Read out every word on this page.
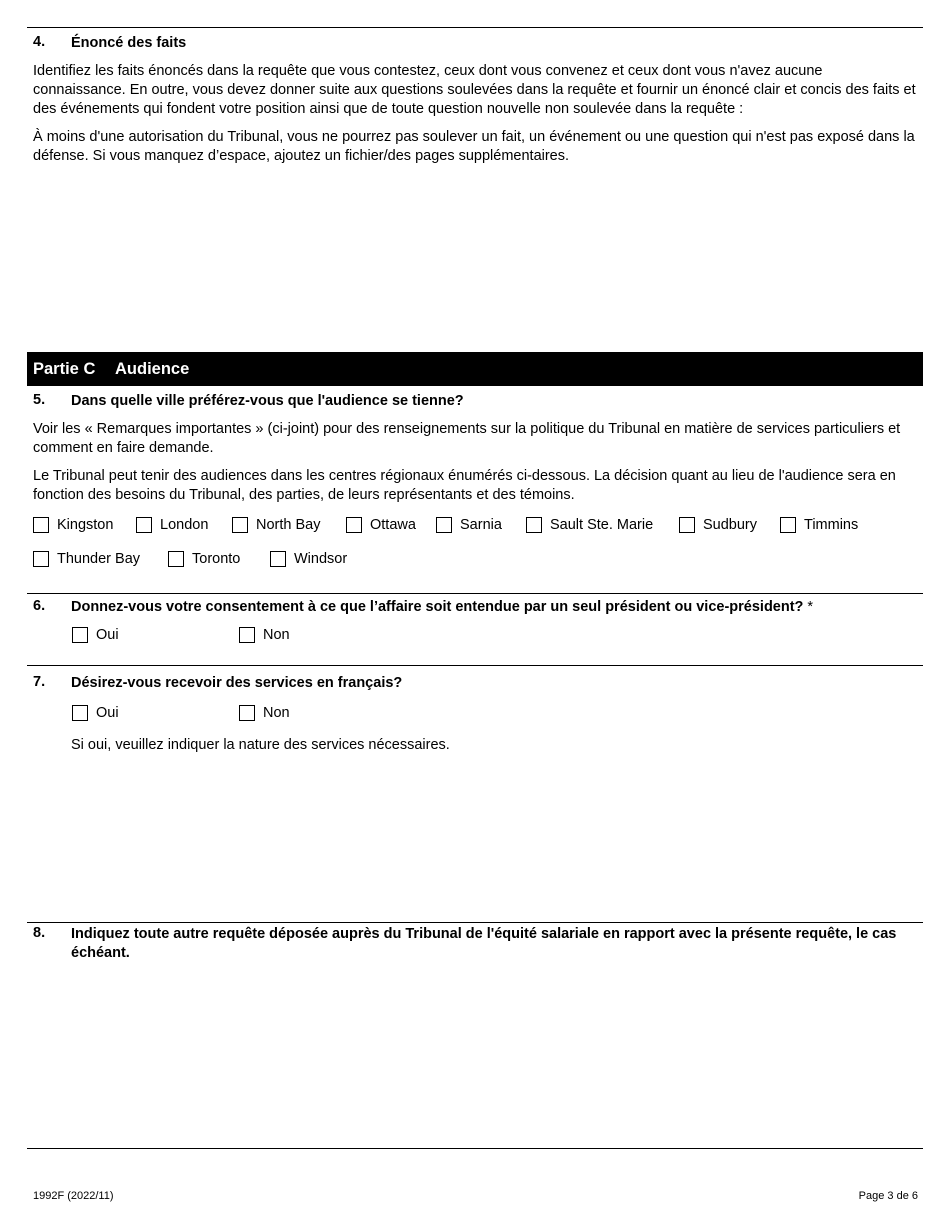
4. Énoncé des faits
Identifiez les faits énoncés dans la requête que vous contestez, ceux dont vous convenez et ceux dont vous n'avez aucune connaissance. En outre, vous devez donner suite aux questions soulevées dans la requête et fournir un énoncé clair et concis des faits et des événements qui fondent votre position ainsi que de toute question nouvelle non soulevée dans la requête :
À moins d'une autorisation du Tribunal, vous ne pourrez pas soulever un fait, un événement ou une question qui n'est pas exposé dans la défense. Si vous manquez d’espace, ajoutez un fichier/des pages supplémentaires.
Partie C Audience
5. Dans quelle ville préférez-vous que l'audience se tienne?
Voir les « Remarques importantes » (ci-joint) pour des renseignements sur la politique du Tribunal en matière de services particuliers et comment en faire demande.
Le Tribunal peut tenir des audiences dans les centres régionaux énumérés ci-dessous. La décision quant au lieu de l'audience sera en fonction des besoins du Tribunal, des parties, de leurs représentants et des témoins.
Kingston	London	North Bay	Ottawa	Sarnia	Sault Ste. Marie	Sudbury	Timmins
Thunder Bay	Toronto	Windsor
6. Donnez-vous votre consentement à ce que l’affaire soit entendue par un seul président ou vice-président? *
Oui	Non
7. Désirez-vous recevoir des services en français?
Oui	Non
Si oui, veuillez indiquer la nature des services nécessaires.
8. Indiquez toute autre requête déposée auprès du Tribunal de l'équité salariale en rapport avec la présente requête, le cas échéant.
1992F (2022/11)	Page 3 de 6
